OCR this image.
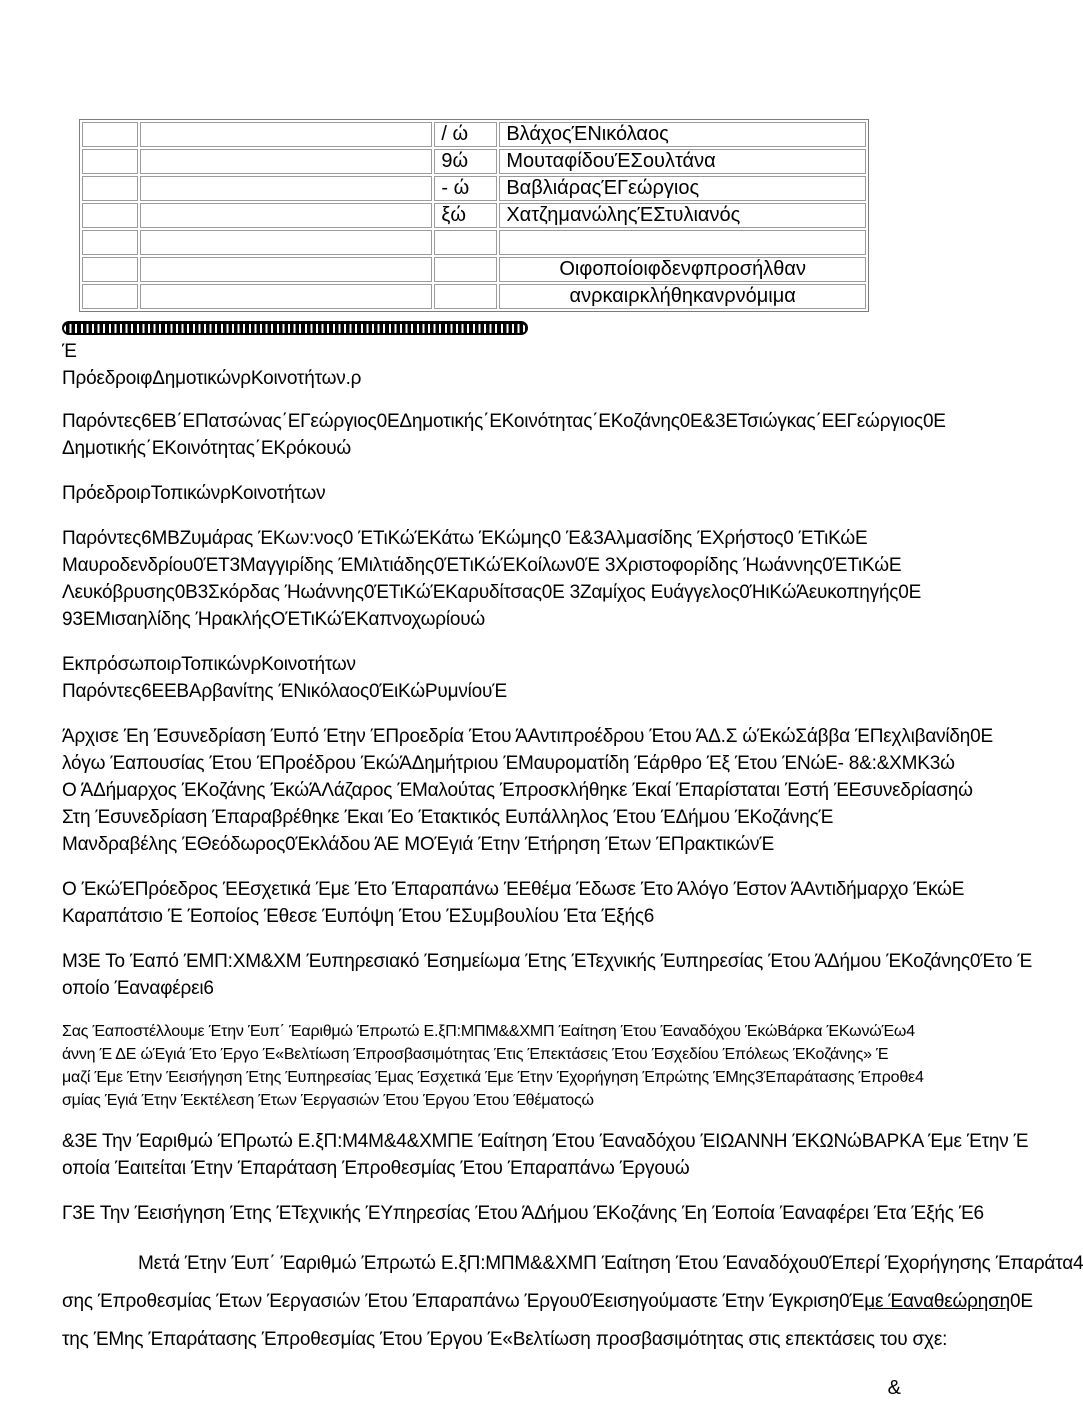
		/ ώ	ΒλάχοςΈΝικόλαος
		9ώ	ΜουταφίδουΈΣουλτάνα
		- ώ	ΒαβλιάραςΈΓεώργιος
		ξώ	ΧατζημανώληςΈΣτυλιανός

			Οιφοποίοιφδενφπροσήλθαν
			ανρκαιρκλήθηκανρνόμιμα
Έ
ΠρόεδροιφΔημοτικώνρΚοινοτήτων.ρ
Παρόντες6ΕΒ΄ΕΠατσώνας΄ΕΓεώργιος0ΕΔημοτικής΄ΕΚοινότητας΄ΕΚοζάνης0Ε&3ΕΤσιώγκας΄ΕΕΓεώργιος0Ε
Δημοτικής΄ΕΚοινότητας΄ΕΚρόκουώ
ΠρόεδροιρΤοπικώνρΚοινοτήτων
Παρόντες6ΜΒΖυμάρας ΈΚων:νος0 ΈΤιΚώΈΚάτω ΈΚώμης0 Έ&3Αλμασίδης ΈΧρήστος0 ΈΤιΚώΕ
Μαυροδενδρίου0ΈΤ3Μαγγιρίδης ΈΜιλτιάδης0ΈΤιΚώΈΚοίλων0Έ 3Χριστοφορίδης Ήωάννης0ΈΤιΚώΕ
Λευκόβρυσης0Β3Σκόρδας Ήωάννης0ΈΤιΚώΈΚαρυδίτσας0Ε 3Ζαμίχος Ευάγγελος0ΉιΚώΆευκοπηγής0Ε
93ΕΜισαηλίδης ΉρακλήςΟΈΤιΚώΈΚαπνοχωρίουώ
ΕκπρόσωποιρΤοπικώνρΚοινοτήτων
Παρόντες6ΕΕΒΑρβανίτης ΈΝικόλαος0ΈιΚώΡυμνίουΈ
Άρχισε Έη Έσυνεδρίαση Έυπό Έτην ΈΠροεδρία Έτου ΆΑντιπροέδρου Έτου ΆΔ.Σ ώΈκώΣάββα ΈΠεχλιβανίδη0Ε
λόγω Έαπουσίας Έτου ΈΠροέδρου ΈκώΆΔημήτριου ΈΜαυροματίδη Έάρθρο Έξ Έτου ΈΝώΕ- 8&:&ΧΜΚ3ώ
Ο ΆΔήμαρχος ΈΚοζάνης ΈκώΆΛάζαρος ΈΜαλούτας Έπροσκλήθηκε Έκαί Έπαρίσταται Έστή ΈΕσυνεδρίασηώ
Στη Έσυνεδρίαση Έπαραβρέθηκε Έκαι Έο Έτακτικός Ευπάλληλος Έτου ΈΔήμου ΈΚοζάνηςΈ
Μανδραβέλης ΈΘεόδωρος0Έκλάδου ΆΕ ΜΟΈγιά Έτην Έτήρηση Έτων ΈΠρακτικώνΈ
Ο ΈκώΈΠρόεδρος ΈΕσχετικά Έμε Έτο Έπαραπάνω ΈΕθέμα Έδωσε Έτο Άλόγο Έστον ΆΑντιδήμαρχο ΈκώΕ
Καραπάτσιο Έ Έοποίος Έθεσε Έυπόψη Έτου ΈΣυμβουλίου Έτα Έξής6
Μ3Ε Το Έαπό ΈΜΠ:ΧΜ&ΧΜ Έυπηρεσιακό Έσημείωμα Έτης ΈΤεχνικής Έυπηρεσίας Έτου ΆΔήμου ΈΚοζάνης0Έτο Έ
οποίο Έαναφέρει6
Σας Έαποστέλλουμε Έτην Έυπ΄ Έαριθμώ Έπρωτώ Ε.ξΠ:ΜΠΜ&&ΧΜΠ Έαίτηση Έτου Έαναδόχου ΈκώΒάρκα ΈΚωνώΈω4
άννη Έ ΔΕ ώΈγιά Έτο Έργο Έ«Βελτίωση Έπροσβασιμότητας Έτις Έπεκτάσεις Έτου Έσχεδίου Έπόλεως ΈΚοζάνης» Έ
μαζί Έμε Έτην Έεισήγηση Έτης Έυπηρεσίας Έμας Έσχετικά Έμε Έτην Έχορήγηση Έπρώτης ΈΜης3Έπαράτασης Έπροθε4
σμίας Έγιά Έτην Έεκτέλεση Έτων Έεργασιών Έτου Έργου Έτου Έθέματοςώ
&3Ε Την Έαριθμώ ΈΠρωτώ Ε.ξΠ:Μ4Μ&4&ΧΜΠΕ Έαίτηση Έτου Έαναδόχου ΈΙΩΑΝΝΗ ΈΚΩΝώΒΑΡΚΑ Έμε Έτην Έ
οποία Έαιτείται Έτην Έπαράταση Έπροθεσμίας Έτου Έπαραπάνω Έργουώ
Γ3Ε Την Έεισήγηση Έτης ΈΤεχνικής ΈΥπηρεσίας Έτου ΆΔήμου ΈΚοζάνης Έη Έοποία Έαναφέρει Έτα Έξής Έ6
Μετά Έτην Έυπ΄ Έαριθμώ Έπρωτώ Ε.ξΠ:ΜΠΜ&&ΧΜΠ Έαίτηση Έτου Έαναδόχου0Έπερί Έχορήγησης Έπαράτα4
σης Έπροθεσμίας Έτων Έεργασιών Έτου Έπαραπάνω Έργου0Έεισηγούμαστε Έτην Έγκριση0Έμε Έαναθεώρηση0Ε
της ΈΜης Έπαράτασης Έπροθεσμίας Έτου Έργου Έ«Βελτίωση προσβασιμότητας στις επεκτάσεις του σχε:
&
